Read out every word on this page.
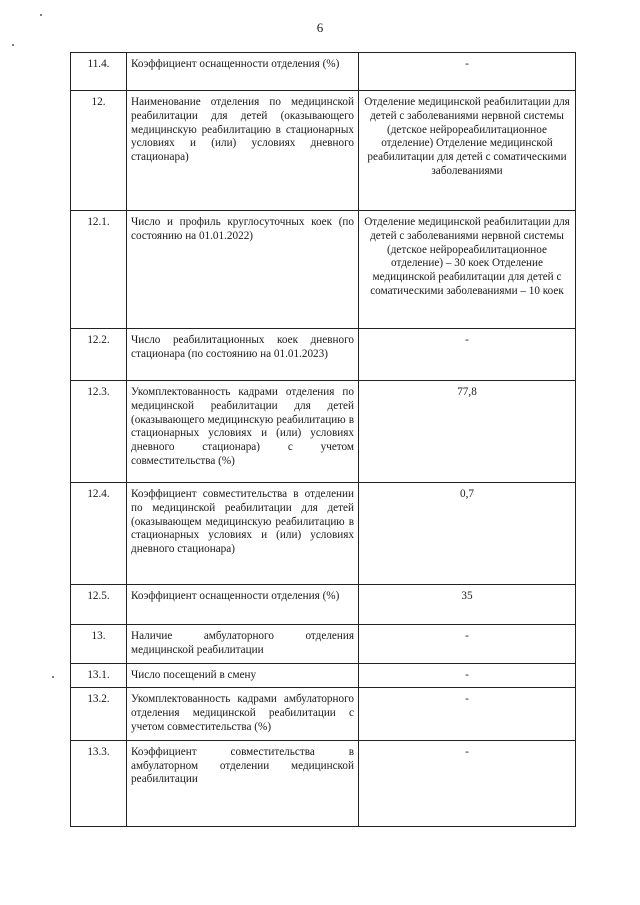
6
11.4.	Коэффициент оснащенности отделения (%)	-
12.	Наименование отделения по медицинской реабилитации для детей (оказывающего медицинскую реабилитацию в стационарных условиях и (или) условиях дневного стационара)	Отделение медицинской реабилитации для детей с заболеваниями нервной системы (детское нейрореабилитационное отделение) Отделение медицинской реабилитации для детей с соматическими заболеваниями
12.1.	Число и профиль круглосуточных коек (по состоянию на 01.01.2022)	Отделение медицинской реабилитации для детей с заболеваниями нервной системы (детское нейрореабилитационное отделение) – 30 коек Отделение медицинской реабилитации для детей с соматическими заболеваниями – 10 коек
12.2.	Число реабилитационных коек дневного стационара (по состоянию на 01.01.2023)	-
12.3.	Укомплектованность кадрами отделения по медицинской реабилитации для детей (оказывающего медицинскую реабилитацию в стационарных условиях и (или) условиях дневного стационара) с учетом совместительства (%)	77,8
12.4.	Коэффициент совместительства в отделении по медицинской реабилитации для детей (оказывающем медицинскую реабилитацию в стационарных условиях и (или) условиях дневного стационара)	0,7
12.5.	Коэффициент оснащенности отделения (%)	35
13.	Наличие амбулаторного отделения медицинской реабилитации	-
13.1.	Число посещений в смену	-
13.2.	Укомплектованность кадрами амбулаторного отделения медицинской реабилитации с учетом совместительства (%)	-
13.3.	Коэффициент совместительства в амбулаторном отделении медицинской реабилитации	-
